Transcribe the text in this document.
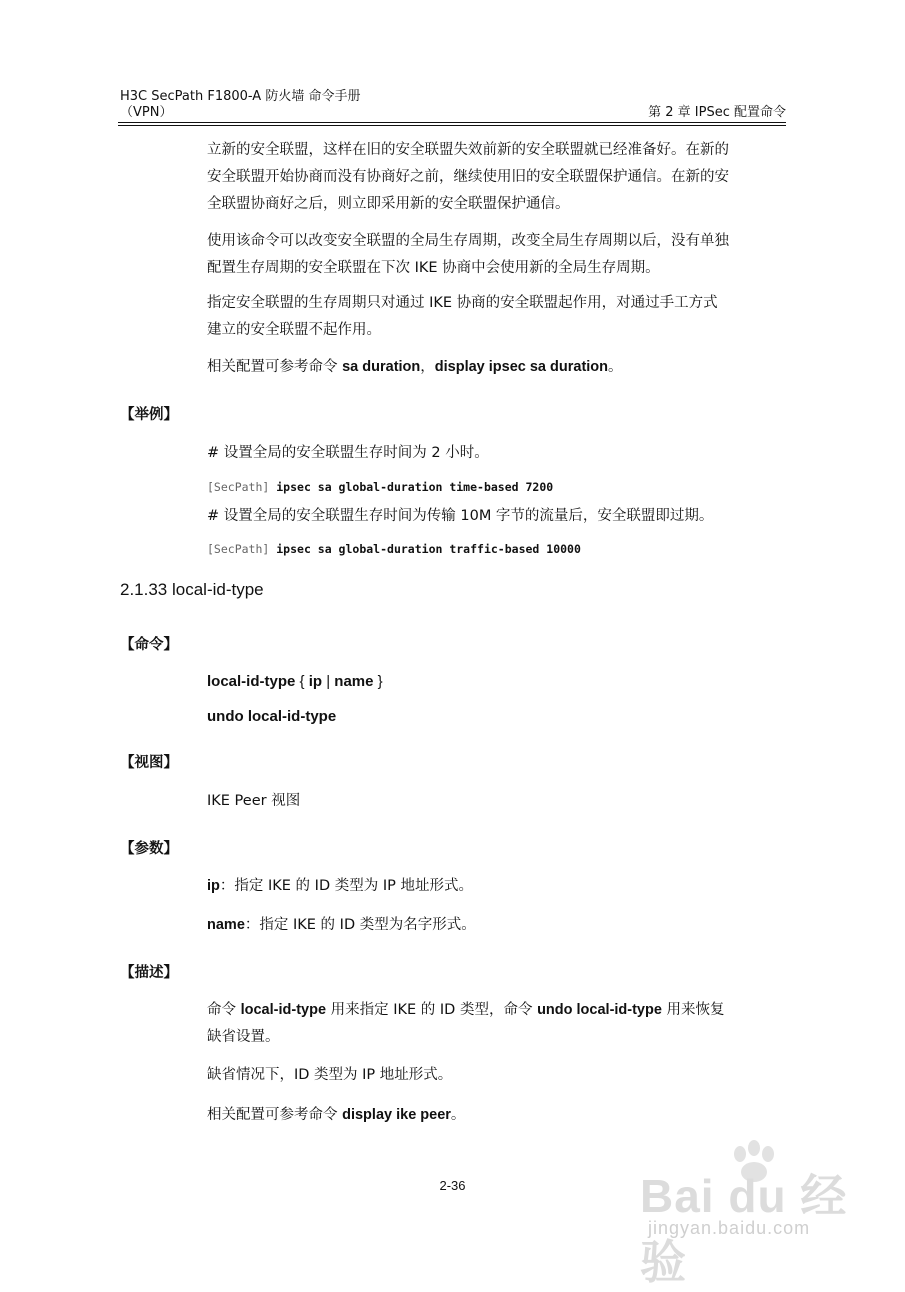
H3C SecPath F1800-A 防火墙 命令手册
（VPN）	第 2 章 IPSec 配置命令
立新的安全联盟，这样在旧的安全联盟失效前新的安全联盟就已经准备好。在新的
安全联盟开始协商而没有协商好之前，继续使用旧的安全联盟保护通信。在新的安
全联盟协商好之后，则立即采用新的安全联盟保护通信。
使用该命令可以改变安全联盟的全局生存周期，改变全局生存周期以后，没有单独
配置生存周期的安全联盟在下次 IKE 协商中会使用新的全局生存周期。
指定安全联盟的生存周期只对通过 IKE 协商的安全联盟起作用，对通过手工方式
建立的安全联盟不起作用。
相关配置可参考命令 sa duration，display ipsec sa duration。
【举例】
# 设置全局的安全联盟生存时间为 2 小时。
[SecPath] ipsec sa global-duration time-based 7200
# 设置全局的安全联盟生存时间为传输 10M 字节的流量后，安全联盟即过期。
[SecPath] ipsec sa global-duration traffic-based 10000
2.1.33 local-id-type
【命令】
local-id-type { ip | name }
undo local-id-type
【视图】
IKE Peer 视图
【参数】
ip：指定 IKE 的 ID 类型为 IP 地址形式。
name：指定 IKE 的 ID 类型为名字形式。
【描述】
命令 local-id-type 用来指定 IKE 的 ID 类型，命令 undo local-id-type 用来恢复
缺省设置。
缺省情况下，ID 类型为 IP 地址形式。
相关配置可参考命令 display ike peer。
2-36	Bai du 经验
jingyan.baidu.com
